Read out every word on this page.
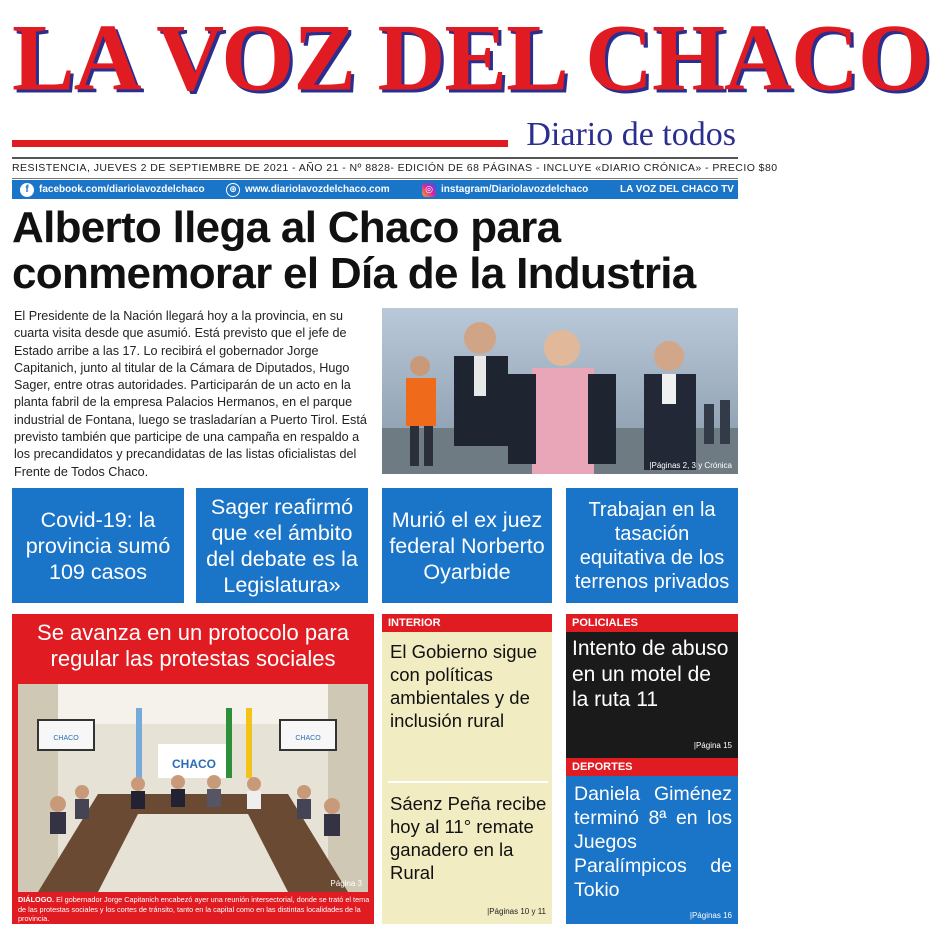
LA VOZ DEL CHACO
Diario de todos
RESISTENCIA, JUEVES 2 DE SEPTIEMBRE DE 2021 - AÑO 21 - Nº 8828- EDICIÓN DE 68 PÁGINAS - INCLUYE «DIARIO CRÓNICA» - PRECIO $80
f	facebook.com/diariolavozdelchaco	⊕ www.diariolavozdelchaco.com	◎ instagram/Diariolavozdelchaco	LA VOZ DEL CHACO TV
Alberto llega al Chaco para
conmemorar el Día de la Industria
El Presidente de la Nación llegará hoy a la provincia, en su cuarta visita desde que asumió. Está previsto que el jefe de Estado arribe a las 17. Lo recibirá el gobernador Jorge Capitanich, junto al titular de la Cámara de Diputados, Hugo Sager, entre otras autoridades. Participarán de un acto en la planta fabril de la empresa Palacios Hermanos, en el parque industrial de Fontana, luego se trasladarían a Puerto Tirol. Está previsto también que participe de una campaña en respaldo a los precandidatos y precandidatas de las listas oficialistas del Frente de Todos Chaco.	|Páginas 2, 3 y Crónica
Covid-19: la provincia sumó 109 casos
Sager reafirmó que «el ámbito del debate es la Legislatura»
Murió el ex juez federal Norberto Oyarbide
Trabajan en la tasación equitativa de los terrenos privados
Se avanza en un protocolo para regular las protestas sociales
CHACO	CHACO
CHACO
Página 3
DIÁLOGO. El gobernador Jorge Capitanich encabezó ayer una reunión intersectorial, donde se trató el tema de las protestas sociales y los cortes de tránsito, tanto en la capital como en las distintas localidades de la provincia.
INTERIOR
El Gobierno sigue con políticas ambientales y de inclusión rural
Sáenz Peña recibe hoy al 11° remate ganadero en la Rural
|Páginas 10 y 11
POLICIALES
Intento de abuso en un motel de la ruta 11
|Página 15
DEPORTES
Daniela Giménez terminó 8ª en los Juegos Paralímpicos de Tokio
|Páginas 16
